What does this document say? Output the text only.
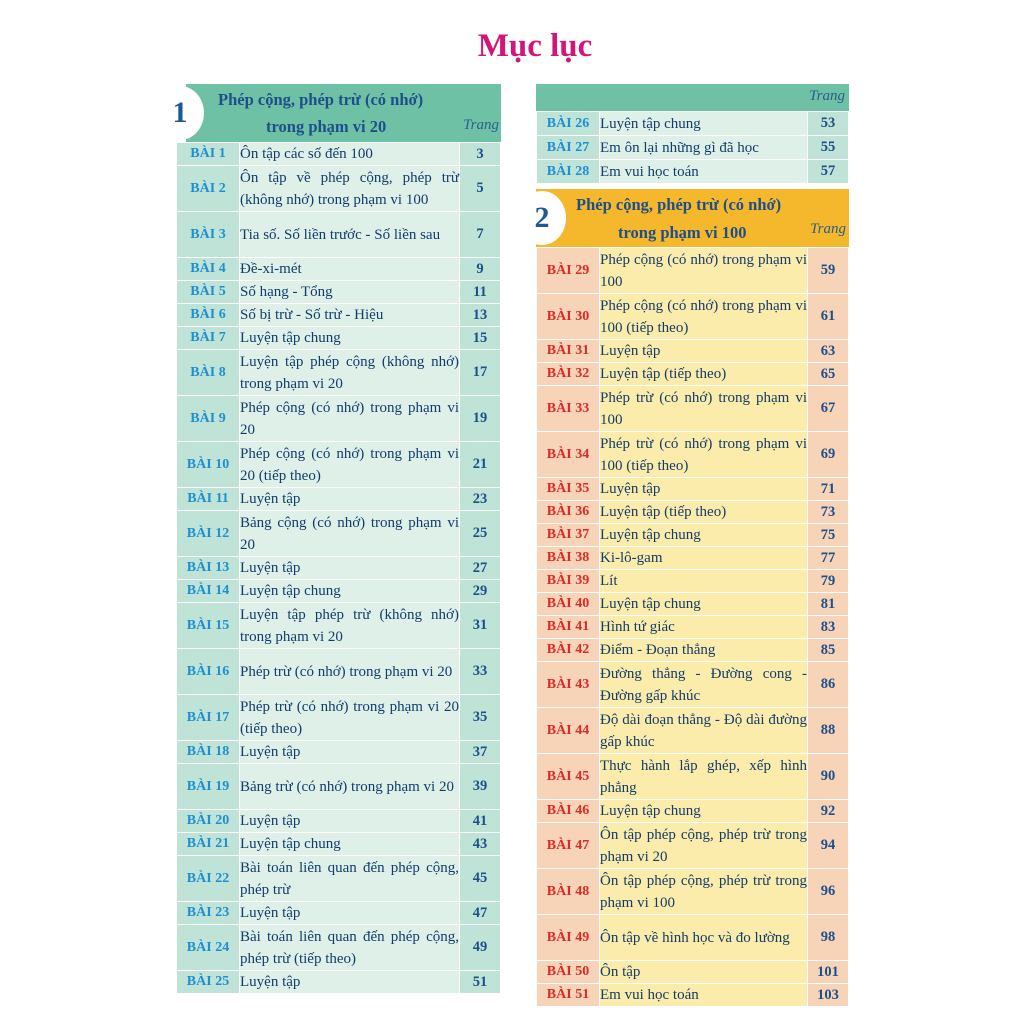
Mục lục
1	Phép cộng, phép trừ (có nhớ)
trong phạm vi 20	Trang
BÀI 1	Ôn tập các số đến 100	3
BÀI 2	Ôn tập về phép cộng, phép trừ (không nhớ) trong phạm vi 100	5
BÀI 3	Tia số. Số liền trước - Số liền sau	7
BÀI 4	Đề-xi-mét	9
BÀI 5	Số hạng - Tổng	11
BÀI 6	Số bị trừ - Số trừ - Hiệu	13
BÀI 7	Luyện tập chung	15
BÀI 8	Luyện tập phép cộng (không nhớ) trong phạm vi 20	17
BÀI 9	Phép cộng (có nhớ) trong phạm vi 20	19
BÀI 10	Phép cộng (có nhớ) trong phạm vi 20 (tiếp theo)	21
BÀI 11	Luyện tập	23
BÀI 12	Bảng cộng (có nhớ) trong phạm vi 20	25
BÀI 13	Luyện tập	27
BÀI 14	Luyện tập chung	29
BÀI 15	Luyện tập phép trừ (không nhớ) trong phạm vi 20	31
BÀI 16	Phép trừ (có nhớ) trong phạm vi 20	33
BÀI 17	Phép trừ (có nhớ) trong phạm vi 20 (tiếp theo)	35
BÀI 18	Luyện tập	37
BÀI 19	Bảng trừ (có nhớ) trong phạm vi 20	39
BÀI 20	Luyện tập	41
BÀI 21	Luyện tập chung	43
BÀI 22	Bài toán liên quan đến phép cộng, phép trừ	45
BÀI 23	Luyện tập	47
BÀI 24	Bài toán liên quan đến phép cộng, phép trừ (tiếp theo)	49
BÀI 25	Luyện tập	51
Trang
BÀI 26	Luyện tập chung	53
BÀI 27	Em ôn lại những gì đã học	55
BÀI 28	Em vui học toán	57
2	Phép cộng, phép trừ (có nhớ)
trong phạm vi 100	Trang
BÀI 29	Phép cộng (có nhớ) trong phạm vi 100	59
BÀI 30	Phép cộng (có nhớ) trong phạm vi 100 (tiếp theo)	61
BÀI 31	Luyện tập	63
BÀI 32	Luyện tập (tiếp theo)	65
BÀI 33	Phép trừ (có nhớ) trong phạm vi 100	67
BÀI 34	Phép trừ (có nhớ) trong phạm vi 100 (tiếp theo)	69
BÀI 35	Luyện tập	71
BÀI 36	Luyện tập (tiếp theo)	73
BÀI 37	Luyện tập chung	75
BÀI 38	Ki-lô-gam	77
BÀI 39	Lít	79
BÀI 40	Luyện tập chung	81
BÀI 41	Hình tứ giác	83
BÀI 42	Điểm - Đoạn thẳng	85
BÀI 43	Đường thẳng - Đường cong - Đường gấp khúc	86
BÀI 44	Độ dài đoạn thẳng - Độ dài đường gấp khúc	88
BÀI 45	Thực hành lắp ghép, xếp hình phẳng	90
BÀI 46	Luyện tập chung	92
BÀI 47	Ôn tập phép cộng, phép trừ trong phạm vi 20	94
BÀI 48	Ôn tập phép cộng, phép trừ trong phạm vi 100	96
BÀI 49	Ôn tập về hình học và đo lường	98
BÀI 50	Ôn tập	101
BÀI 51	Em vui học toán	103
